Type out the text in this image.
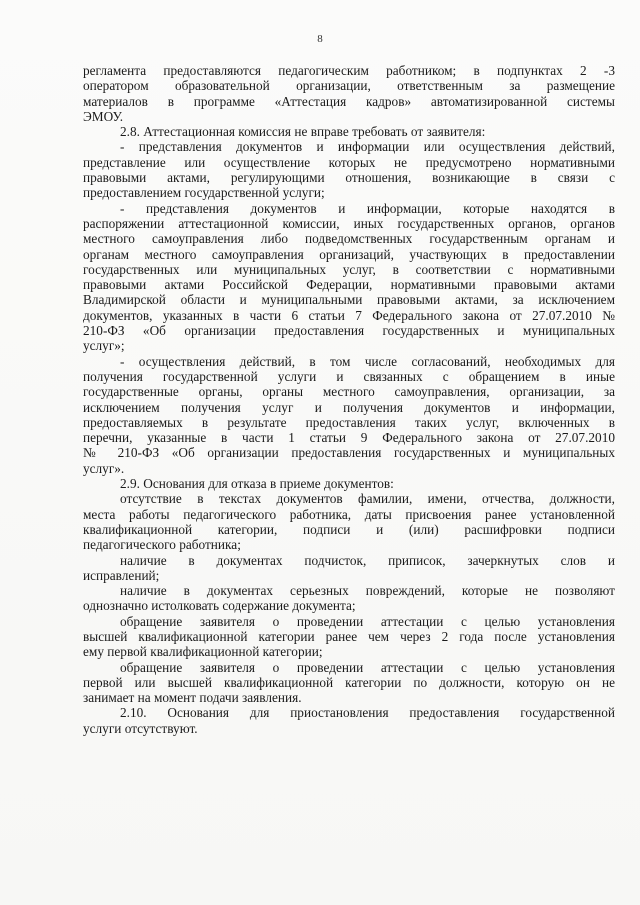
8

регламента предоставляются педагогическим работником; в подпунктах 2 -3

оператором образовательной организации, ответственным за размещение

материалов в программе «Аттестация кадров» автоматизированной системы

ЭМОУ.

2.8. Аттестационная комиссия не вправе требовать от заявителя:

- представления документов и информации или осуществления действий,

представление или осуществление которых не предусмотрено нормативными

правовыми актами, регулирующими отношения, возникающие в связи с

предоставлением государственной услуги;

- представления документов и информации, которые находятся в

распоряжении аттестационной комиссии, иных государственных органов, органов

местного самоуправления либо подведомственных государственным органам и

органам местного самоуправления организаций, участвующих в предоставлении

государственных или муниципальных услуг, в соответствии с нормативными

правовыми актами Российской Федерации, нормативными правовыми актами

Владимирской области и муниципальными правовыми актами, за исключением

документов, указанных в части 6 статьи 7 Федерального закона от 27.07.2010 №

210-ФЗ «Об организации предоставления государственных и муниципальных

услуг»;

- осуществления действий, в том числе согласований, необходимых для

получения государственной услуги и связанных с обращением в иные

государственные органы, органы местного самоуправления, организации, за

исключением получения услуг и получения документов и информации,

предоставляемых в результате предоставления таких услуг, включенных в

перечни, указанные в части 1 статьи 9 Федерального закона от 27.07.2010

№ 210-ФЗ «Об организации предоставления государственных и муниципальных

услуг».

2.9. Основания для отказа в приеме документов:

отсутствие в текстах документов фамилии, имени, отчества, должности,

места работы педагогического работника, даты присвоения ранее установленной

квалификационной категории, подписи и (или) расшифровки подписи

педагогического работника;

наличие в документах подчисток, приписок, зачеркнутых слов и

исправлений;

наличие в документах серьезных повреждений, которые не позволяют

однозначно истолковать содержание документа;

обращение заявителя о проведении аттестации с целью установления

высшей квалификационной категории ранее чем через 2 года после установления

ему первой квалификационной категории;

обращение заявителя о проведении аттестации с целью установления

первой или высшей квалификационной категории по должности, которую он не

занимает на момент подачи заявления.

2.10. Основания для приостановления предоставления государственной

услуги отсутствуют.
